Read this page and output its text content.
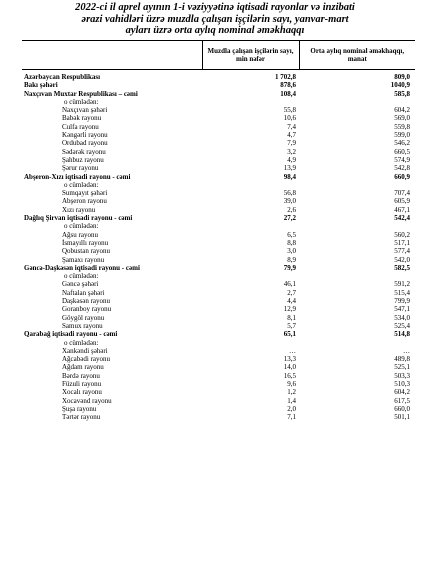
2022-ci il aprel ayının 1-i vəziyyətinə iqtisadi rayonlar və inzibati
ərazi vahidləri üzrə muzdla çalışan işçilərin sayı, yanvar-mart
ayları üzrə orta aylıq nominal əməkhaqqı
	Muzdla çalışan işçilərin sayı, min nəfər	Orta aylıq nominal əməkhaqqı, manat
Azərbaycan Respublikası	1 702,8	809,0
Bakı şəhəri	878,6	1040,9
Naxçıvan Muxtar Respublikası – cəmi	108,4	585,8
o cümlədən:		
Naxçıvan şəhəri	55,8	604,2
Babək rayonu	10,6	569,0
Culfa rayonu	7,4	559,8
Kəngərli rayonu	4,7	599,0
Ordubad rayonu	7,9	546,2
Sədərək rayonu	3,2	660,5
Şahbuz rayonu	4,9	574,9
Şərur rayonu	13,9	542,8
Abşeron-Xızı iqtisadi rayonu - cəmi	98,4	660,9
o cümlədən:		
Sumqayıt şəhəri	56,8	707,4
Abşeron rayonu	39,0	605,9
Xızı rayonu	2,6	467,1
Dağlıq Şirvan iqtisadi rayonu - cəmi	27,2	542,4
o cümlədən:		
Ağsu rayonu	6,5	560,2
İsmayıllı rayonu	8,8	517,1
Qobustan rayonu	3,0	577,4
Şamaxı rayonu	8,9	542,0
Gəncə-Daşkəsən iqtisadi rayonu - cəmi	79,9	582,5
o cümlədən:		
Gəncə şəhəri	46,1	591,2
Naftalan şəhəri	2,7	515,4
Daşkəsən rayonu	4,4	799,9
Goranboy rayonu	12,9	547,1
Göygöl rayonu	8,1	534,0
Samux rayonu	5,7	525,4
Qarabağ iqtisadi rayonu - cəmi	65,1	514,8
o cümlədən:		
Xankəndi şəhəri	…	…
Ağcabədi rayonu	13,3	489,8
Ağdam rayonu	14,0	525,1
Bərdə rayonu	16,5	503,3
Füzuli rayonu	9,6	510,3
Xocalı rayonu	1,2	604,2
Xocavənd rayonu	1,4	617,5
Şuşa rayonu	2,0	660,0
Tərtər rayonu	7,1	501,1
